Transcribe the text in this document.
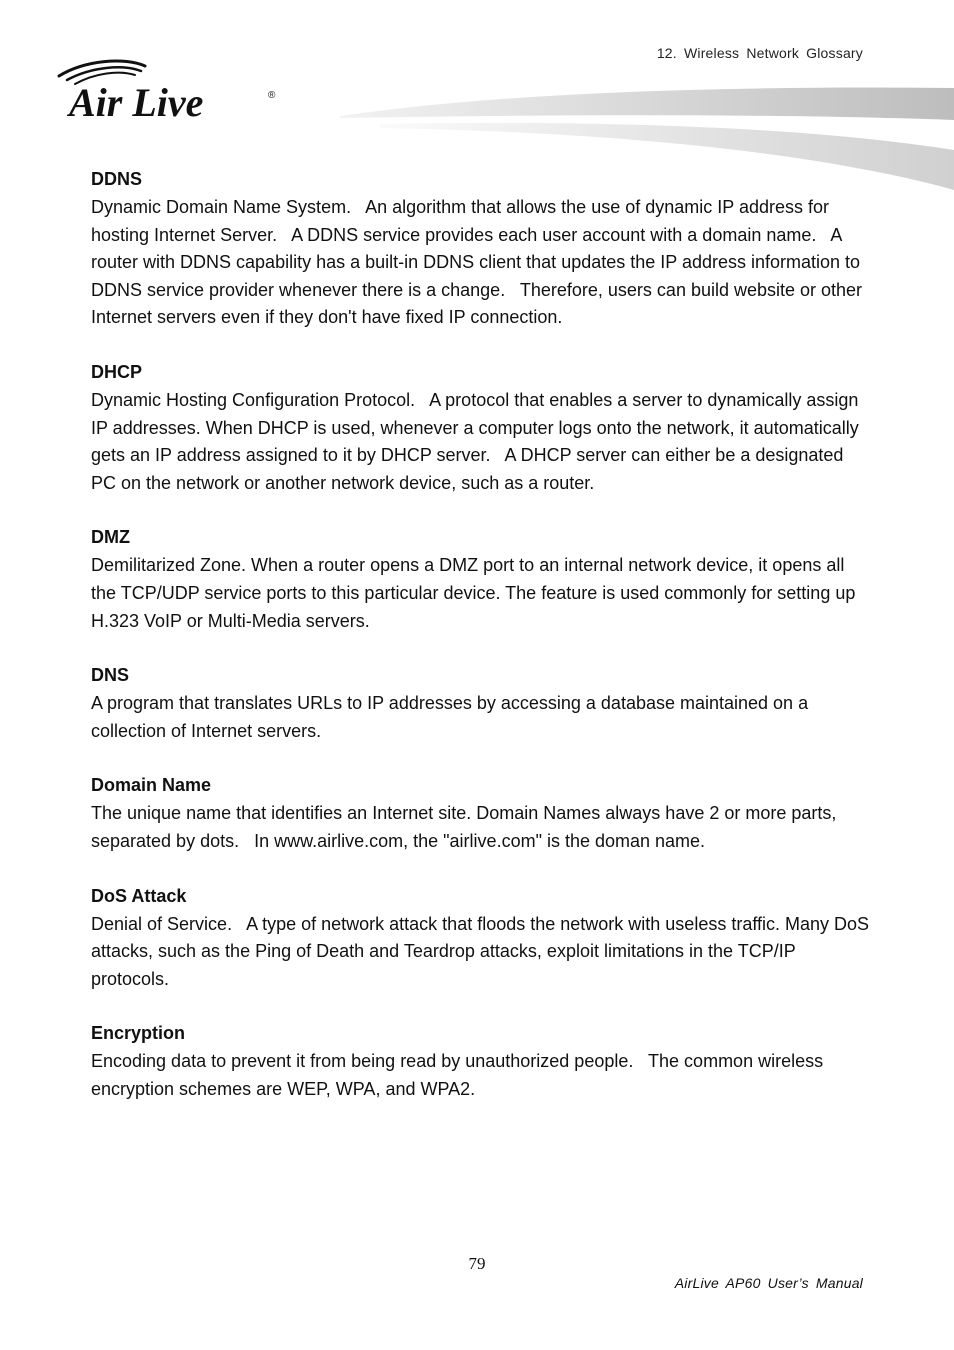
12. Wireless Network Glossary
Air Live	®
DDNS

Dynamic Domain Name System.   An algorithm that allows the use of dynamic IP address for hosting Internet Server.   A DDNS service provides each user account with a domain name.   A router with DDNS capability has a built-in DDNS client that updates the IP address information to DDNS service provider whenever there is a change.   Therefore, users can build website or other Internet servers even if they don't have fixed IP connection.

DHCP

Dynamic Hosting Configuration Protocol.   A protocol that enables a server to dynamically assign IP addresses. When DHCP is used, whenever a computer logs onto the network, it automatically gets an IP address assigned to it by DHCP server.   A DHCP server can either be a designated PC on the network or another network device, such as a router.

DMZ

Demilitarized Zone. When a router opens a DMZ port to an internal network device, it opens all the TCP/UDP service ports to this particular device. The feature is used commonly for setting up H.323 VoIP or Multi-Media servers.

DNS

A program that translates URLs to IP addresses by accessing a database maintained on a collection of Internet servers.

Domain Name

The unique name that identifies an Internet site. Domain Names always have 2 or more parts, separated by dots.   In www.airlive.com, the "airlive.com" is the doman name.

DoS Attack

Denial of Service.   A type of network attack that floods the network with useless traffic. Many DoS attacks, such as the Ping of Death and Teardrop attacks, exploit limitations in the TCP/IP protocols.

Encryption

Encoding data to prevent it from being read by unauthorized people.   The common wireless encryption schemes are WEP, WPA, and WPA2.

79
AirLive AP60 User’s Manual
